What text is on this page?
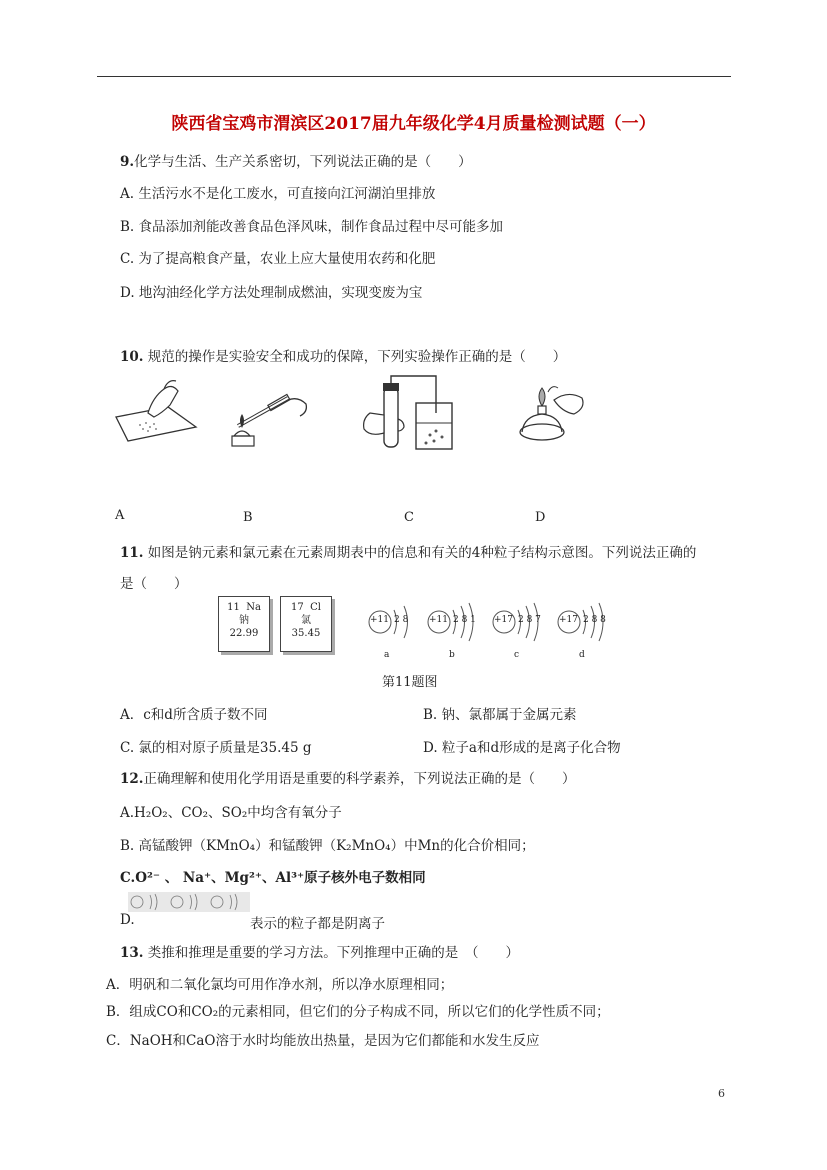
陕西省宝鸡市渭滨区2017届九年级化学4月质量检测试题（一）
9.化学与生活、生产关系密切，下列说法正确的是（　　）
A. 生活污水不是化工废水，可直接向江河湖泊里排放
B. 食品添加剂能改善食品色泽风味，制作食品过程中尽可能多加
C. 为了提高粮食产量，农业上应大量使用农药和化肥
D. 地沟油经化学方法处理制成燃油，实现变废为宝
10. 规范的操作是实验安全和成功的保障，下列实验操作正确的是（　　）
A	B	C	D
11. 如图是钠元素和氯元素在元素周期表中的信息和有关的4种粒子结构示意图。下列说法正确的
是（　　）
11 Na
钠
22.99
17 Cl
氯
35.45
+11 2 8
a
+11 2 8 1
b
+17 2 8 7
c
+17 2 8 8
d
第11题图
A．c和d所含质子数不同	B. 钠、氯都属于金属元素
C. 氯的相对原子质量是35.45 g	D. 粒子a和d形成的是离子化合物
12.正确理解和使用化学用语是重要的科学素养，下列说法正确的是（　　）
A.H₂O₂、CO₂、SO₂中均含有氧分子
B. 高锰酸钾（KMnO₄）和锰酸钾（K₂MnO₄）中Mn的化合价相同；
C.O²⁻ 、 Na⁺、Mg²⁺、Al³⁺原子核外电子数相同
D.	表示的粒子都是阴离子
13. 类推和推理是重要的学习方法。下列推理中正确的是　（　　）
A．明矾和二氧化氯均可用作净水剂，所以净水原理相同；
B．组成CO和CO₂的元素相同，但它们的分子构成不同，所以它们的化学性质不同；
C．NaOH和CaO溶于水时均能放出热量，是因为它们都能和水发生反应
6
